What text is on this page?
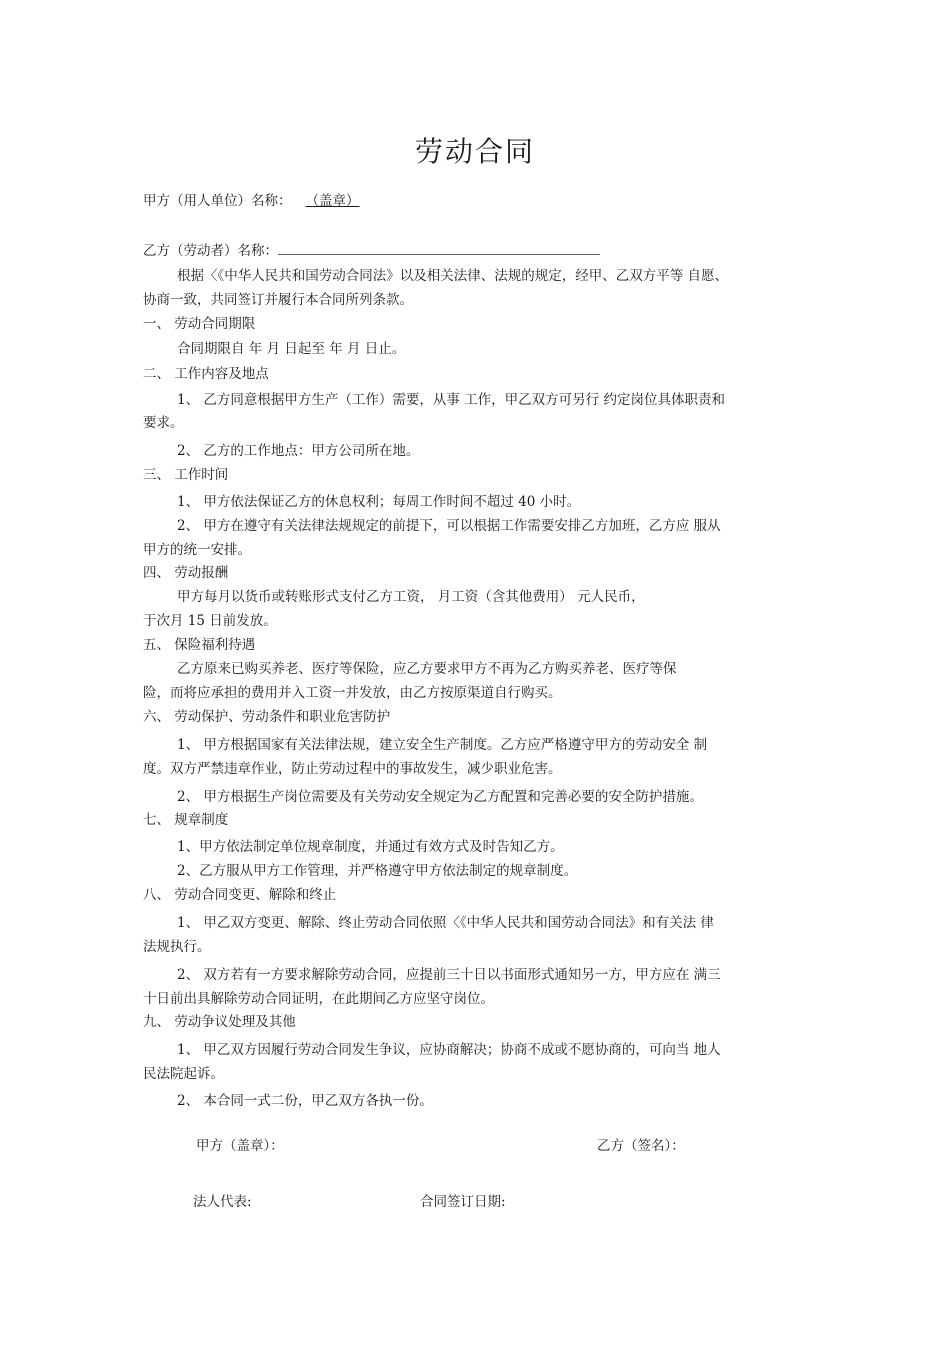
劳动合同
甲方（用人单位）名称： （盖章）
乙方（劳动者）名称：
根据〈《中华人民共和国劳动合同法》以及相关法律、法规的规定，经甲、乙双方平等 自愿、
协商一致，共同签订并履行本合同所列条款。
一、 劳动合同期限
合同期限自 年 月 日起至 年 月 日止。
二、 工作内容及地点
1、 乙方同意根据甲方生产（工作）需要，从事 工作，甲乙双方可另行 约定岗位具体职责和
要求。
2、 乙方的工作地点：甲方公司所在地。
三、 工作时间
1、 甲方依法保证乙方的休息权利；每周工作时间不超过 40 小时。
2、 甲方在遵守有关法律法规规定的前提下，可以根据工作需要安排乙方加班，乙方应 服从
甲方的统一安排。
四、 劳动报酬
甲方每月以货币或转账形式支付乙方工资， 月工资（含其他费用） 元人民币，
于次月 15 日前发放。
五、 保险福利待遇
乙方原来已购买养老、医疗等保险，应乙方要求甲方不再为乙方购买养老、医疗等保
险，而将应承担的费用并入工资一并发放，由乙方按原渠道自行购买。
六、 劳动保护、劳动条件和职业危害防护
1、 甲方根据国家有关法律法规，建立安全生产制度。乙方应严格遵守甲方的劳动安全 制
度。双方严禁违章作业，防止劳动过程中的事故发生，减少职业危害。
2、 甲方根据生产岗位需要及有关劳动安全规定为乙方配置和完善必要的安全防护措施。
七、 规章制度
1、甲方依法制定单位规章制度，并通过有效方式及时告知乙方。
2、乙方服从甲方工作管理，并严格遵守甲方依法制定的规章制度。
八、 劳动合同变更、解除和终止
1、 甲乙双方变更、解除、终止劳动合同依照〈《中华人民共和国劳动合同法》和有关法 律
法规执行。
2、 双方若有一方要求解除劳动合同，应提前三十日以书面形式通知另一方，甲方应在 满三
十日前出具解除劳动合同证明，在此期间乙方应坚守岗位。
九、 劳动争议处理及其他
1、 甲乙双方因履行劳动合同发生争议，应协商解决；协商不成或不愿协商的，可向当 地人
民法院起诉。
2、 本合同一式二份，甲乙双方各执一份。
甲方（盖章）：	乙方（签名）：
法人代表:	合同签订日期:
